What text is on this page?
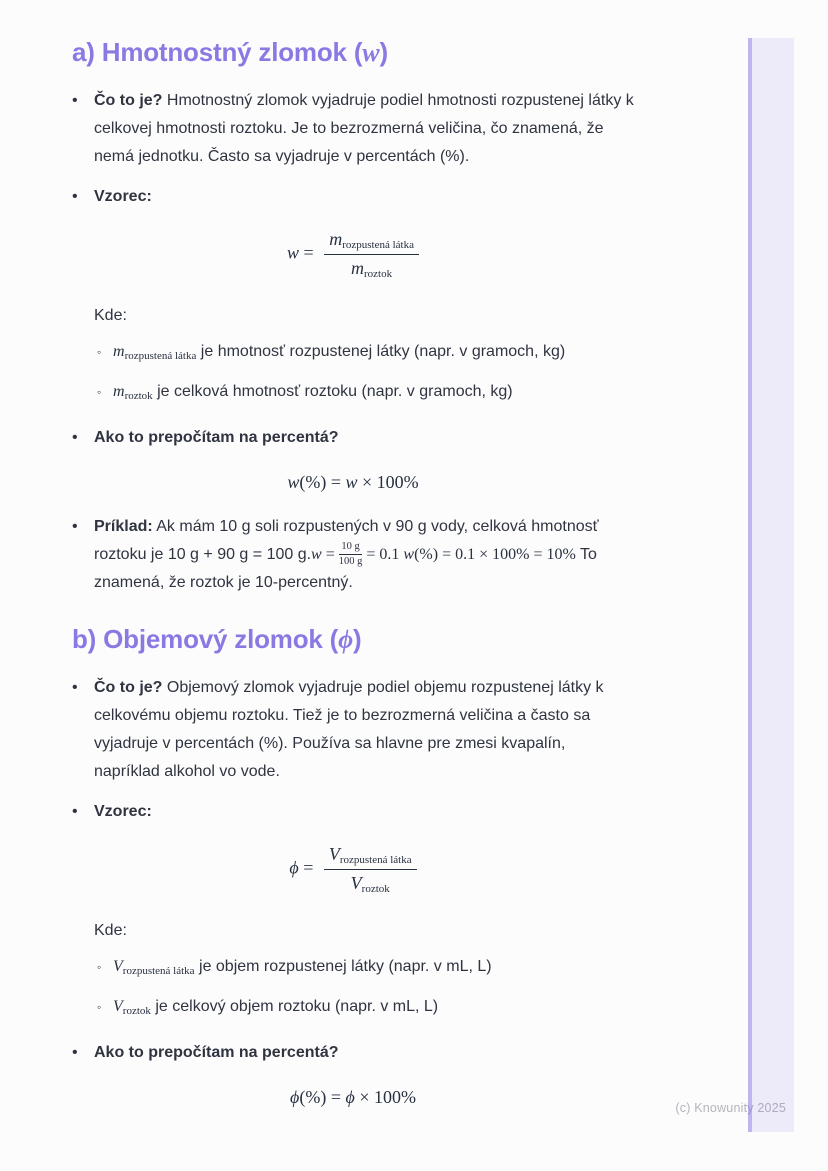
a) Hmotnostný zlomok (w)
•	Čo to je? Hmotnostný zlomok vyjadruje podiel hmotnosti rozpustenej látky k celkovej hmotnosti roztoku. Je to bezrozmerná veličina, čo znamená, že nemá jednotku. Často sa vyjadruje v percentách (%).
•	Vzorec:
$w = \frac{\text{mrozpustená látka}}{\text{mroztok}}$
Kde:
◦ mrozpustená látka je hmotnosť rozpustenej látky (napr. v gramoch, kg)
◦ mroztok je celková hmotnosť roztoku (napr. v gramoch, kg)
•	Ako to prepočítam na percentá?
w(%) = w × 100%
•	Príklad: Ak mám 10 g soli rozpustených v 90 g vody, celková hmotnosť roztoku je 10 g + 90 g = 100 $g.w = \frac{10 g}{100 g} = 0.1$ w(%) = 0.1 × 100% = 10% To znamená, že roztok je 10-percentný.
b) Objemový zlomok (ϕ)
•	Čo to je? Objemový zlomok vyjadruje podiel objemu rozpustenej látky k celkovému objemu roztoku. Tiež je to bezrozmerná veličina a často sa vyjadruje v percentách (%). Používa sa hlavne pre zmesi kvapalín, napríklad alkohol vo vode.
•	Vzorec:
$\phi = \frac{\text{Vrozpustená látka}}{\text{Vroztok}}$
Kde:
◦ Vrozpustená látka je objem rozpustenej látky (napr. v mL, L)
◦ Vroztok je celkový objem roztoku (napr. v mL, L)
•	Ako to prepočítam na percentá?
ϕ(%) = ϕ × 100%
(c) Knowunity 2025
